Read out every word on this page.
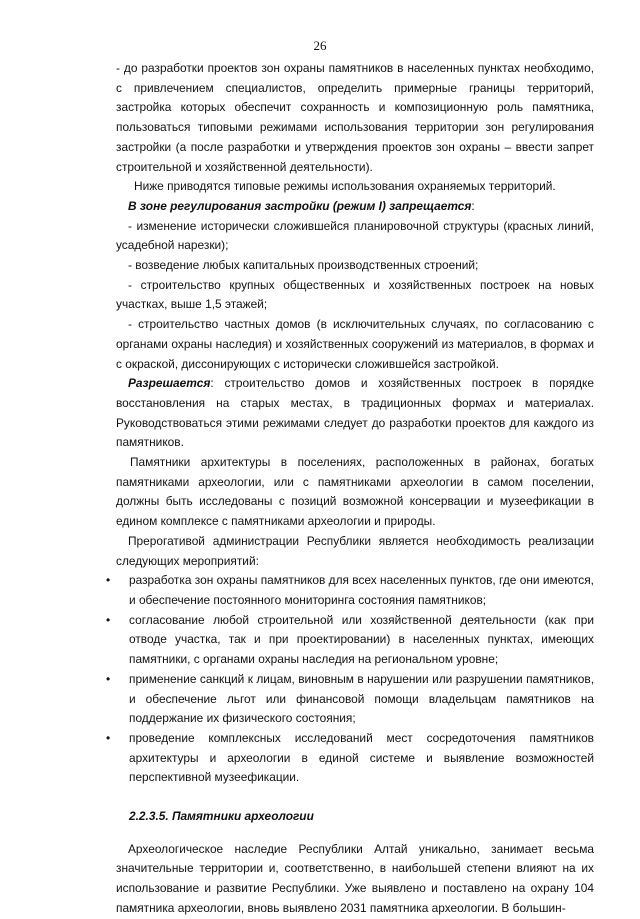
26

- до разработки проектов зон охраны памятников в населенных пунктах необходимо, с привлечением специалистов, определить примерные границы территорий, застройка которых обеспечит сохранность и композиционную роль памятника, пользоваться типовыми режимами использования территории зон регулирования застройки (а после разработки и утверждения проектов зон охраны – ввести запрет строительной и хозяйственной деятельности).

Ниже приводятся типовые режимы использования охраняемых территорий.

В зоне регулирования застройки (режим I) запрещается:

- изменение исторически сложившейся планировочной структуры (красных линий, усадебной нарезки);

- возведение любых капитальных производственных строений;

- строительство крупных общественных и хозяйственных построек на новых участках, выше 1,5 этажей;

- строительство частных домов (в исключительных случаях, по согласованию с органами охраны наследия) и хозяйственных сооружений из материалов, в формах и с окраской, диссонирующих с исторически сложившейся застройкой.

Разрешается: строительство домов и хозяйственных построек в порядке восстановления на старых местах, в традиционных формах и материалах. Руководствоваться этими режимами следует до разработки проектов для каждого из памятников.

Памятники архитектуры в поселениях, расположенных в районах, богатых памятниками археологии, или с памятниками археологии в самом поселении, должны быть исследованы с позиций возможной консервации и музеефикации в едином комплексе с памятниками археологии и природы.

Прерогативой администрации Республики является необходимость реализации следующих мероприятий:

• разработка зон охраны памятников для всех населенных пунктов, где они имеются, и обеспечение постоянного мониторинга состояния памятников;
• согласование любой строительной или хозяйственной деятельности (как при отводе участка, так и при проектировании) в населенных пунктах, имеющих памятники, с органами охраны наследия на региональном уровне;
• применение санкций к лицам, виновным в нарушении или разрушении памятников, и обеспечение льгот или финансовой помощи владельцам памятников на поддержание их физического состояния;
• проведение комплексных исследований мест сосредоточения памятников архитектуры и археологии в единой системе и выявление возможностей перспективной музеефикации.
2.2.3.5. Памятники археологии

Археологическое наследие Республики Алтай уникально, занимает весьма значительные территории и, соответственно, в наибольшей степени влияют на их использование и развитие Республики. Уже выявлено и поставлено на охрану 104 памятника археологии, вновь выявлено 2031 памятника археологии. В большин-
